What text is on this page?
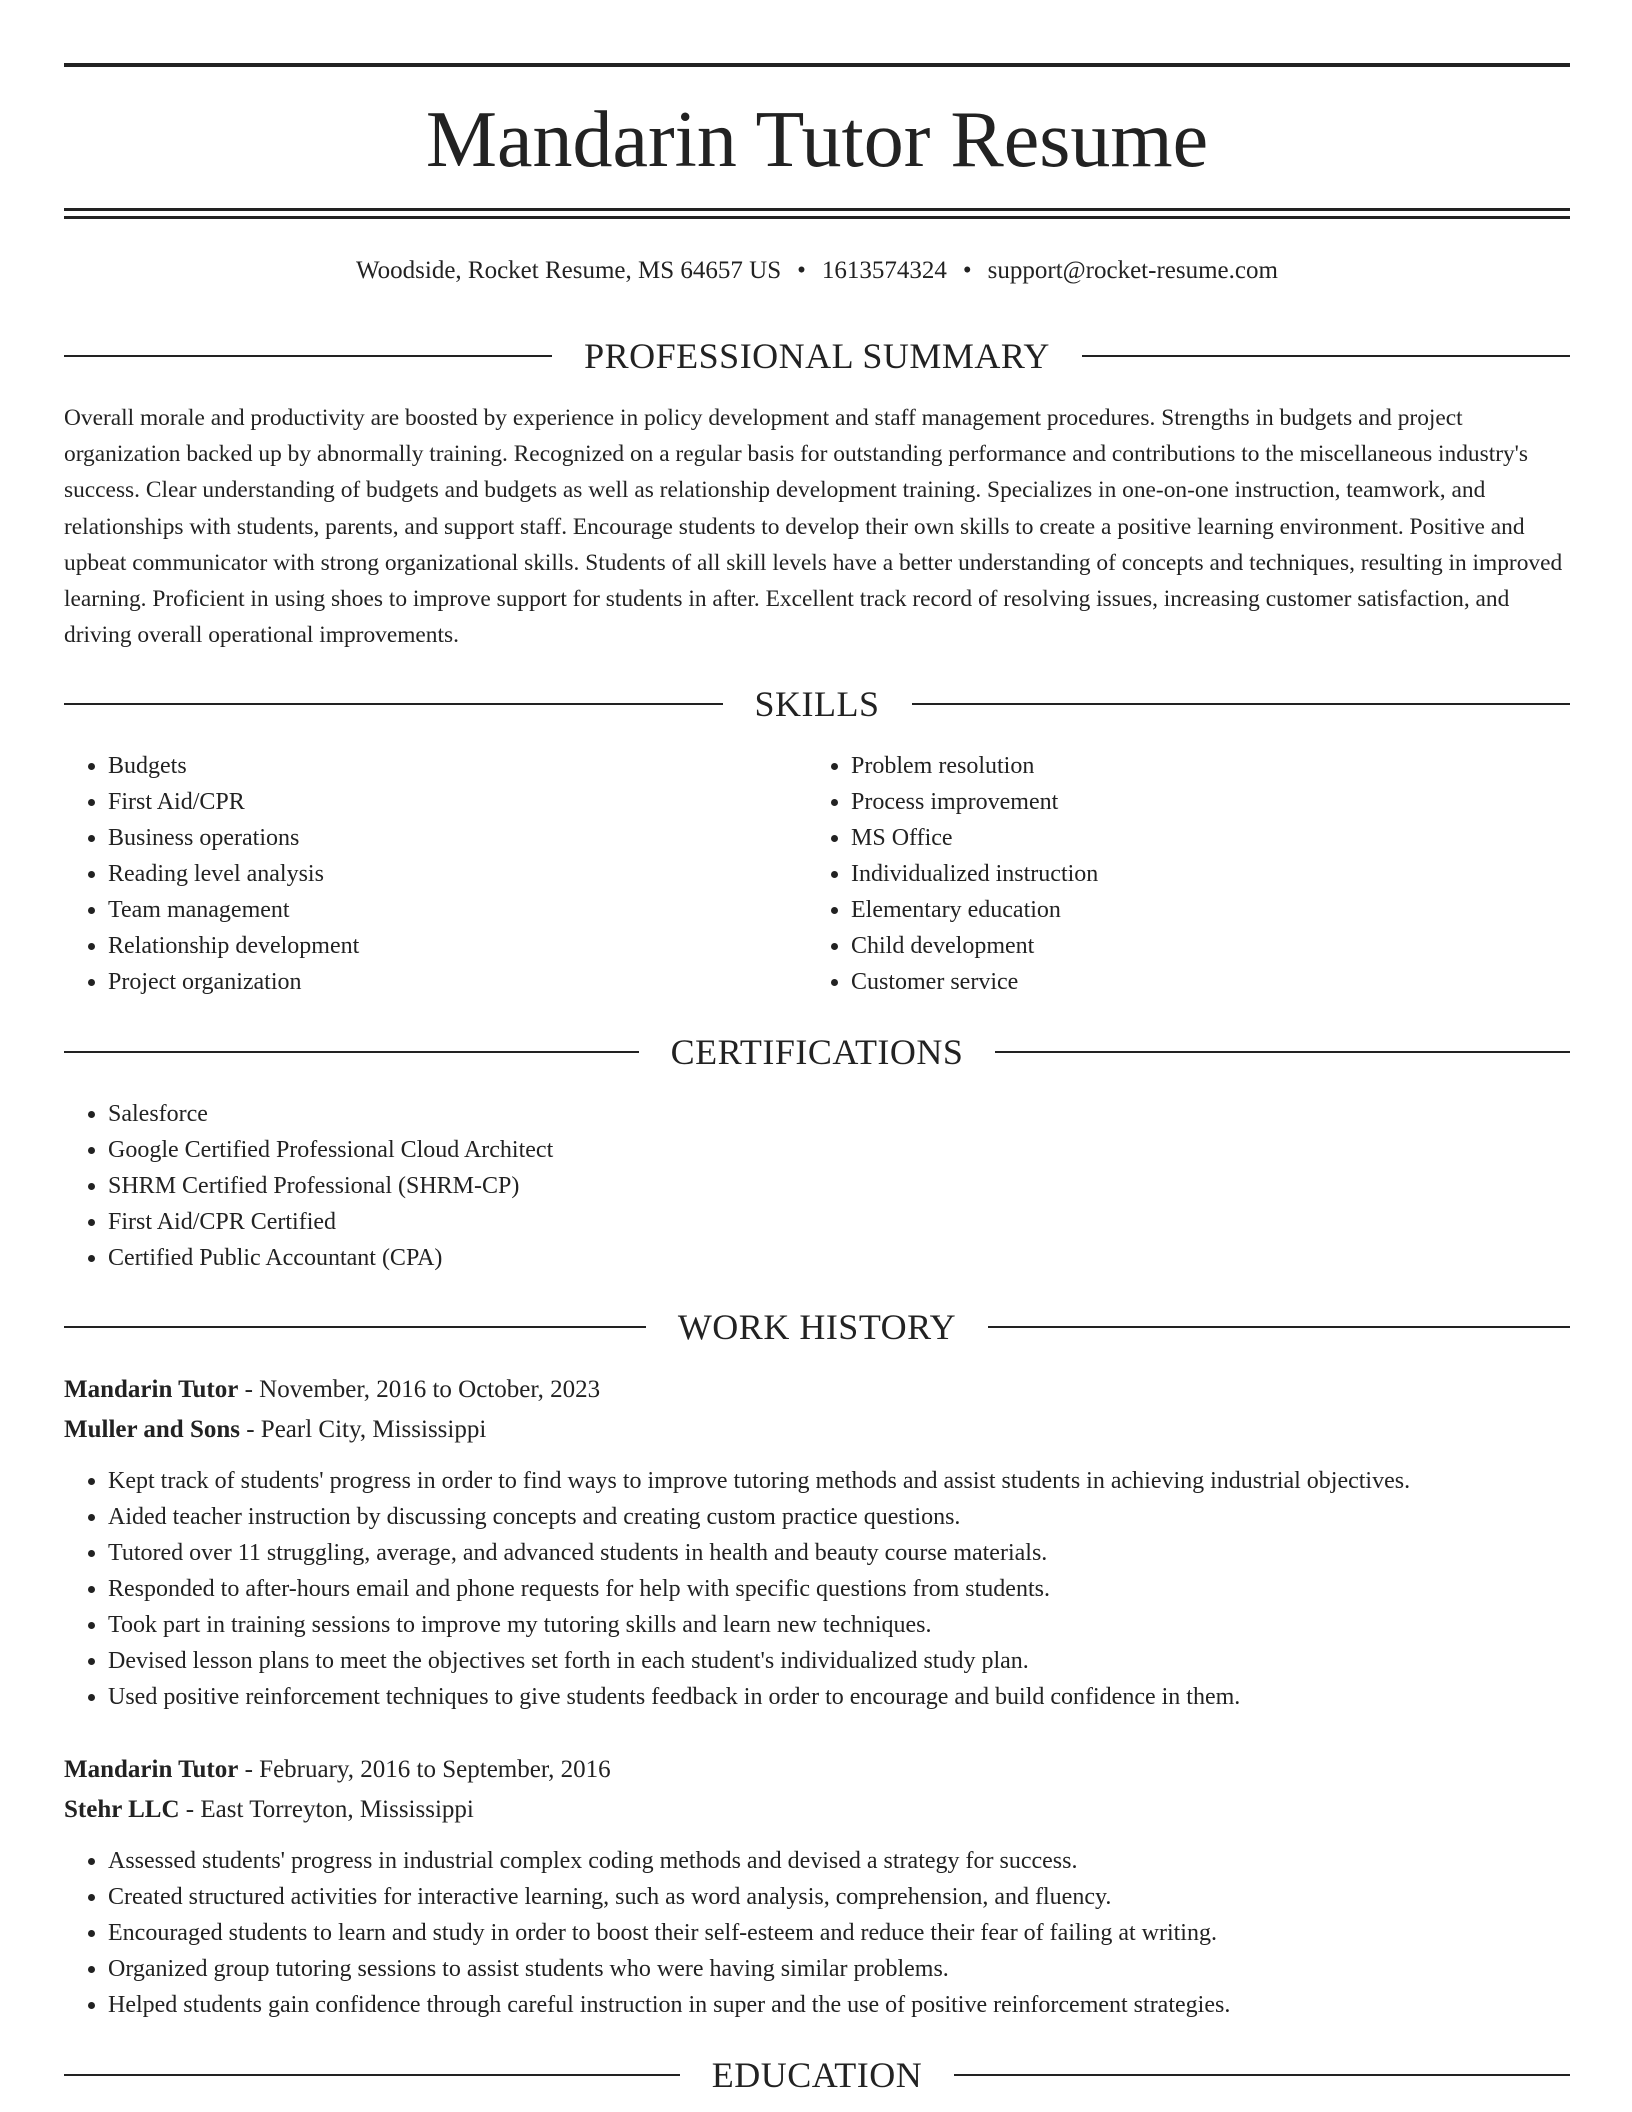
Mandarin Tutor Resume
Woodside, Rocket Resume, MS 64657 US • 1613574324 • support@rocket-resume.com
PROFESSIONAL SUMMARY

Overall morale and productivity are boosted by experience in policy development and staff management procedures. Strengths in budgets and project organization backed up by abnormally training. Recognized on a regular basis for outstanding performance and contributions to the miscellaneous industry's success. Clear understanding of budgets and budgets as well as relationship development training. Specializes in one-on-one instruction, teamwork, and relationships with students, parents, and support staff. Encourage students to develop their own skills to create a positive learning environment. Positive and upbeat communicator with strong organizational skills. Students of all skill levels have a better understanding of concepts and techniques, resulting in improved learning. Proficient in using shoes to improve support for students in after. Excellent track record of resolving issues, increasing customer satisfaction, and driving overall operational improvements.

SKILLS
• Budgets
• First Aid/CPR
• Business operations
• Reading level analysis
• Team management
• Relationship development
• Project organization
• Problem resolution
• Process improvement
• MS Office
• Individualized instruction
• Elementary education
• Child development
• Customer service
CERTIFICATIONS
• Salesforce
• Google Certified Professional Cloud Architect
• SHRM Certified Professional (SHRM-CP)
• First Aid/CPR Certified
• Certified Public Accountant (CPA)
WORK HISTORY
Mandarin Tutor - November, 2016 to October, 2023
Muller and Sons - Pearl City, Mississippi
• Kept track of students' progress in order to find ways to improve tutoring methods and assist students in achieving industrial objectives.
• Aided teacher instruction by discussing concepts and creating custom practice questions.
• Tutored over 11 struggling, average, and advanced students in health and beauty course materials.
• Responded to after-hours email and phone requests for help with specific questions from students.
• Took part in training sessions to improve my tutoring skills and learn new techniques.
• Devised lesson plans to meet the objectives set forth in each student's individualized study plan.
• Used positive reinforcement techniques to give students feedback in order to encourage and build confidence in them.
Mandarin Tutor - February, 2016 to September, 2016
Stehr LLC - East Torreyton, Mississippi
• Assessed students' progress in industrial complex coding methods and devised a strategy for success.
• Created structured activities for interactive learning, such as word analysis, comprehension, and fluency.
• Encouraged students to learn and study in order to boost their self-esteem and reduce their fear of failing at writing.
• Organized group tutoring sessions to assist students who were having similar problems.
• Helped students gain confidence through careful instruction in super and the use of positive reinforcement strategies.
EDUCATION
